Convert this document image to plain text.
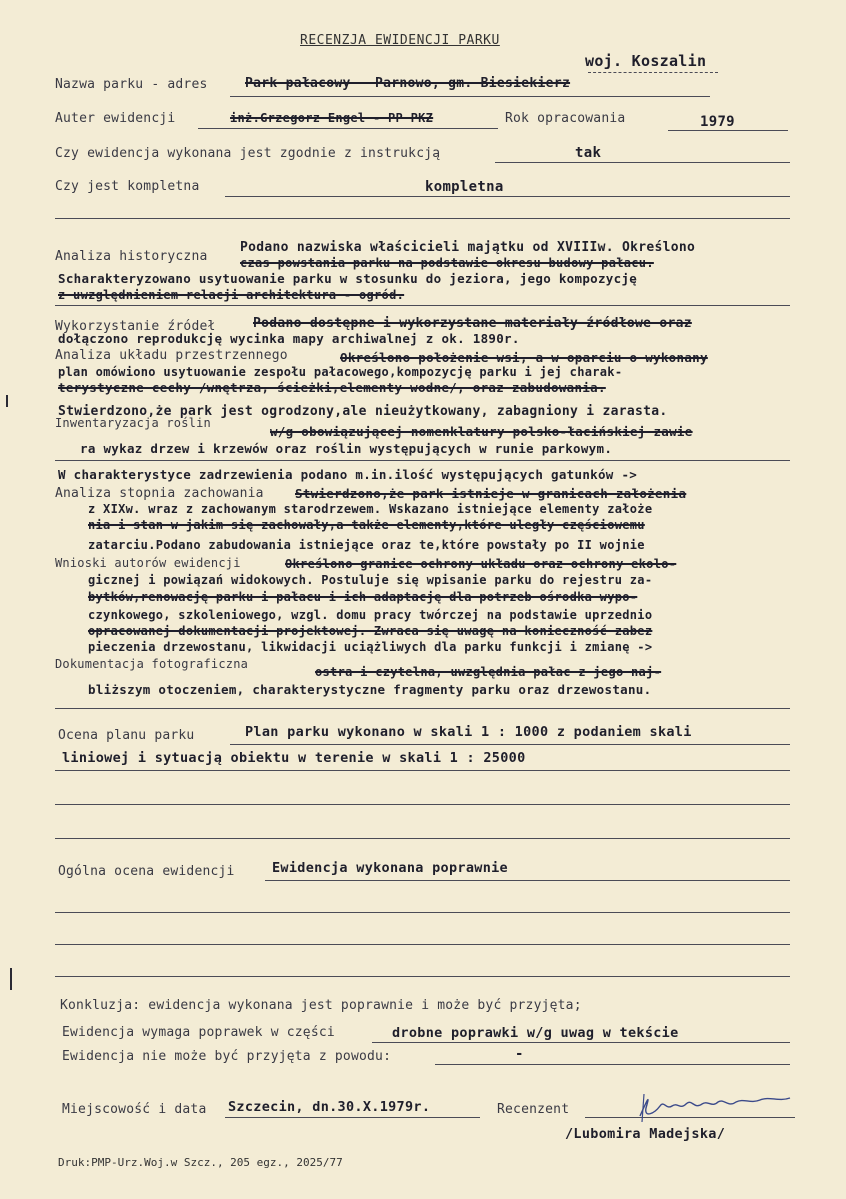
RECENZJA EWIDENCJI PARKU
woj. Koszalin
Nazwa parku - adres	Park pałacowy - Parnowo, gm. Biesiekierz
Auter ewidencji	inż.Grzegorz Engel - PP PKZ	Rok opracowania	1979
Czy ewidencja wykonana jest zgodnie z instrukcją	tak
Czy jest kompletna	kompletna
Analiza historyczna
Podano nazwiska właścicieli majątku od XVIIIw. Określono
czas powstania parku na podstawie okresu budowy pałacu.
Scharakteryzowano usytuowanie parku w stosunku do jeziora, jego kompozycję
z uwzględnieniem relacji architektura - ogród.
Wykorzystanie źródeł	Podano dostępne i wykorzystane materiały źródłowe oraz
dołączono reprodukcję wycinka mapy archiwalnej z ok. 1890r.
Analiza układu przestrzennego	Określono położenie wsi, a w oparciu o wykonany
plan omówiono usytuowanie zespołu pałacowego,kompozycję parku i jej charak-
terystyczne cechy /wnętrza, ścieżki,elementy wodne/, oraz zabudowania.
Stwierdzono,że park jest ogrodzony,ale nieużytkowany, zabagniony i zarasta.
Inwentaryzacja roślin
w/g obowiązującej nomenklatury polsko-łacińskiej zawie
ra wykaz drzew i krzewów oraz roślin występujących w runie parkowym.
W charakterystyce zadrzewienia podano m.in.ilość występujących gatunków ->
Analiza stopnia zachowania	Stwierdzono,że park istnieje w granicach założenia
z XIXw. wraz z zachowanym starodrzewem. Wskazano istniejące elementy założe
nia i stan w jakim się zachowały,a także elementy,które uległy częściowemu
zatarciu.Podano zabudowania istniejące oraz te,które powstały po II wojnie
Wnioski autorów ewidencji	Określono granice ochrony układu oraz ochrony ekolo-
gicznej i powiązań widokowych. Postuluje się wpisanie parku do rejestru za-
bytków,renowację parku i pałacu i ich adaptację dla potrzeb ośrodka wypo-
czynkowego, szkoleniowego, wzgl. domu pracy twórczej na podstawie uprzednio
opracowanej dokumentacji projektowej. Zwraca się uwagę na konieczność zabez
pieczenia drzewostanu, likwidacji uciążliwych dla parku funkcji i zmianę ->
Dokumentacja fotograficzna
ostra i czytelna, uwzględnia pałac z jego naj-
bliższym otoczeniem, charakterystyczne fragmenty parku oraz drzewostanu.
Ocena planu parku	Plan parku wykonano w skali 1 : 1000 z podaniem skali
liniowej i sytuacją obiektu w terenie w skali 1 : 25000
Ogólna ocena ewidencji	Ewidencja wykonana poprawnie
Konkluzja: ewidencja wykonana jest poprawnie i może być przyjęta;
Ewidencja wymaga poprawek w części	drobne poprawki w/g uwag w tekście
Ewidencja nie może być przyjęta z powodu:	-
Miejscowość i data Szczecin, dn.30.X.1979r.	Recenzent
/Lubomira Madejska/
Druk:PMP-Urz.Woj.w Szcz., 205 egz., 2025/77
